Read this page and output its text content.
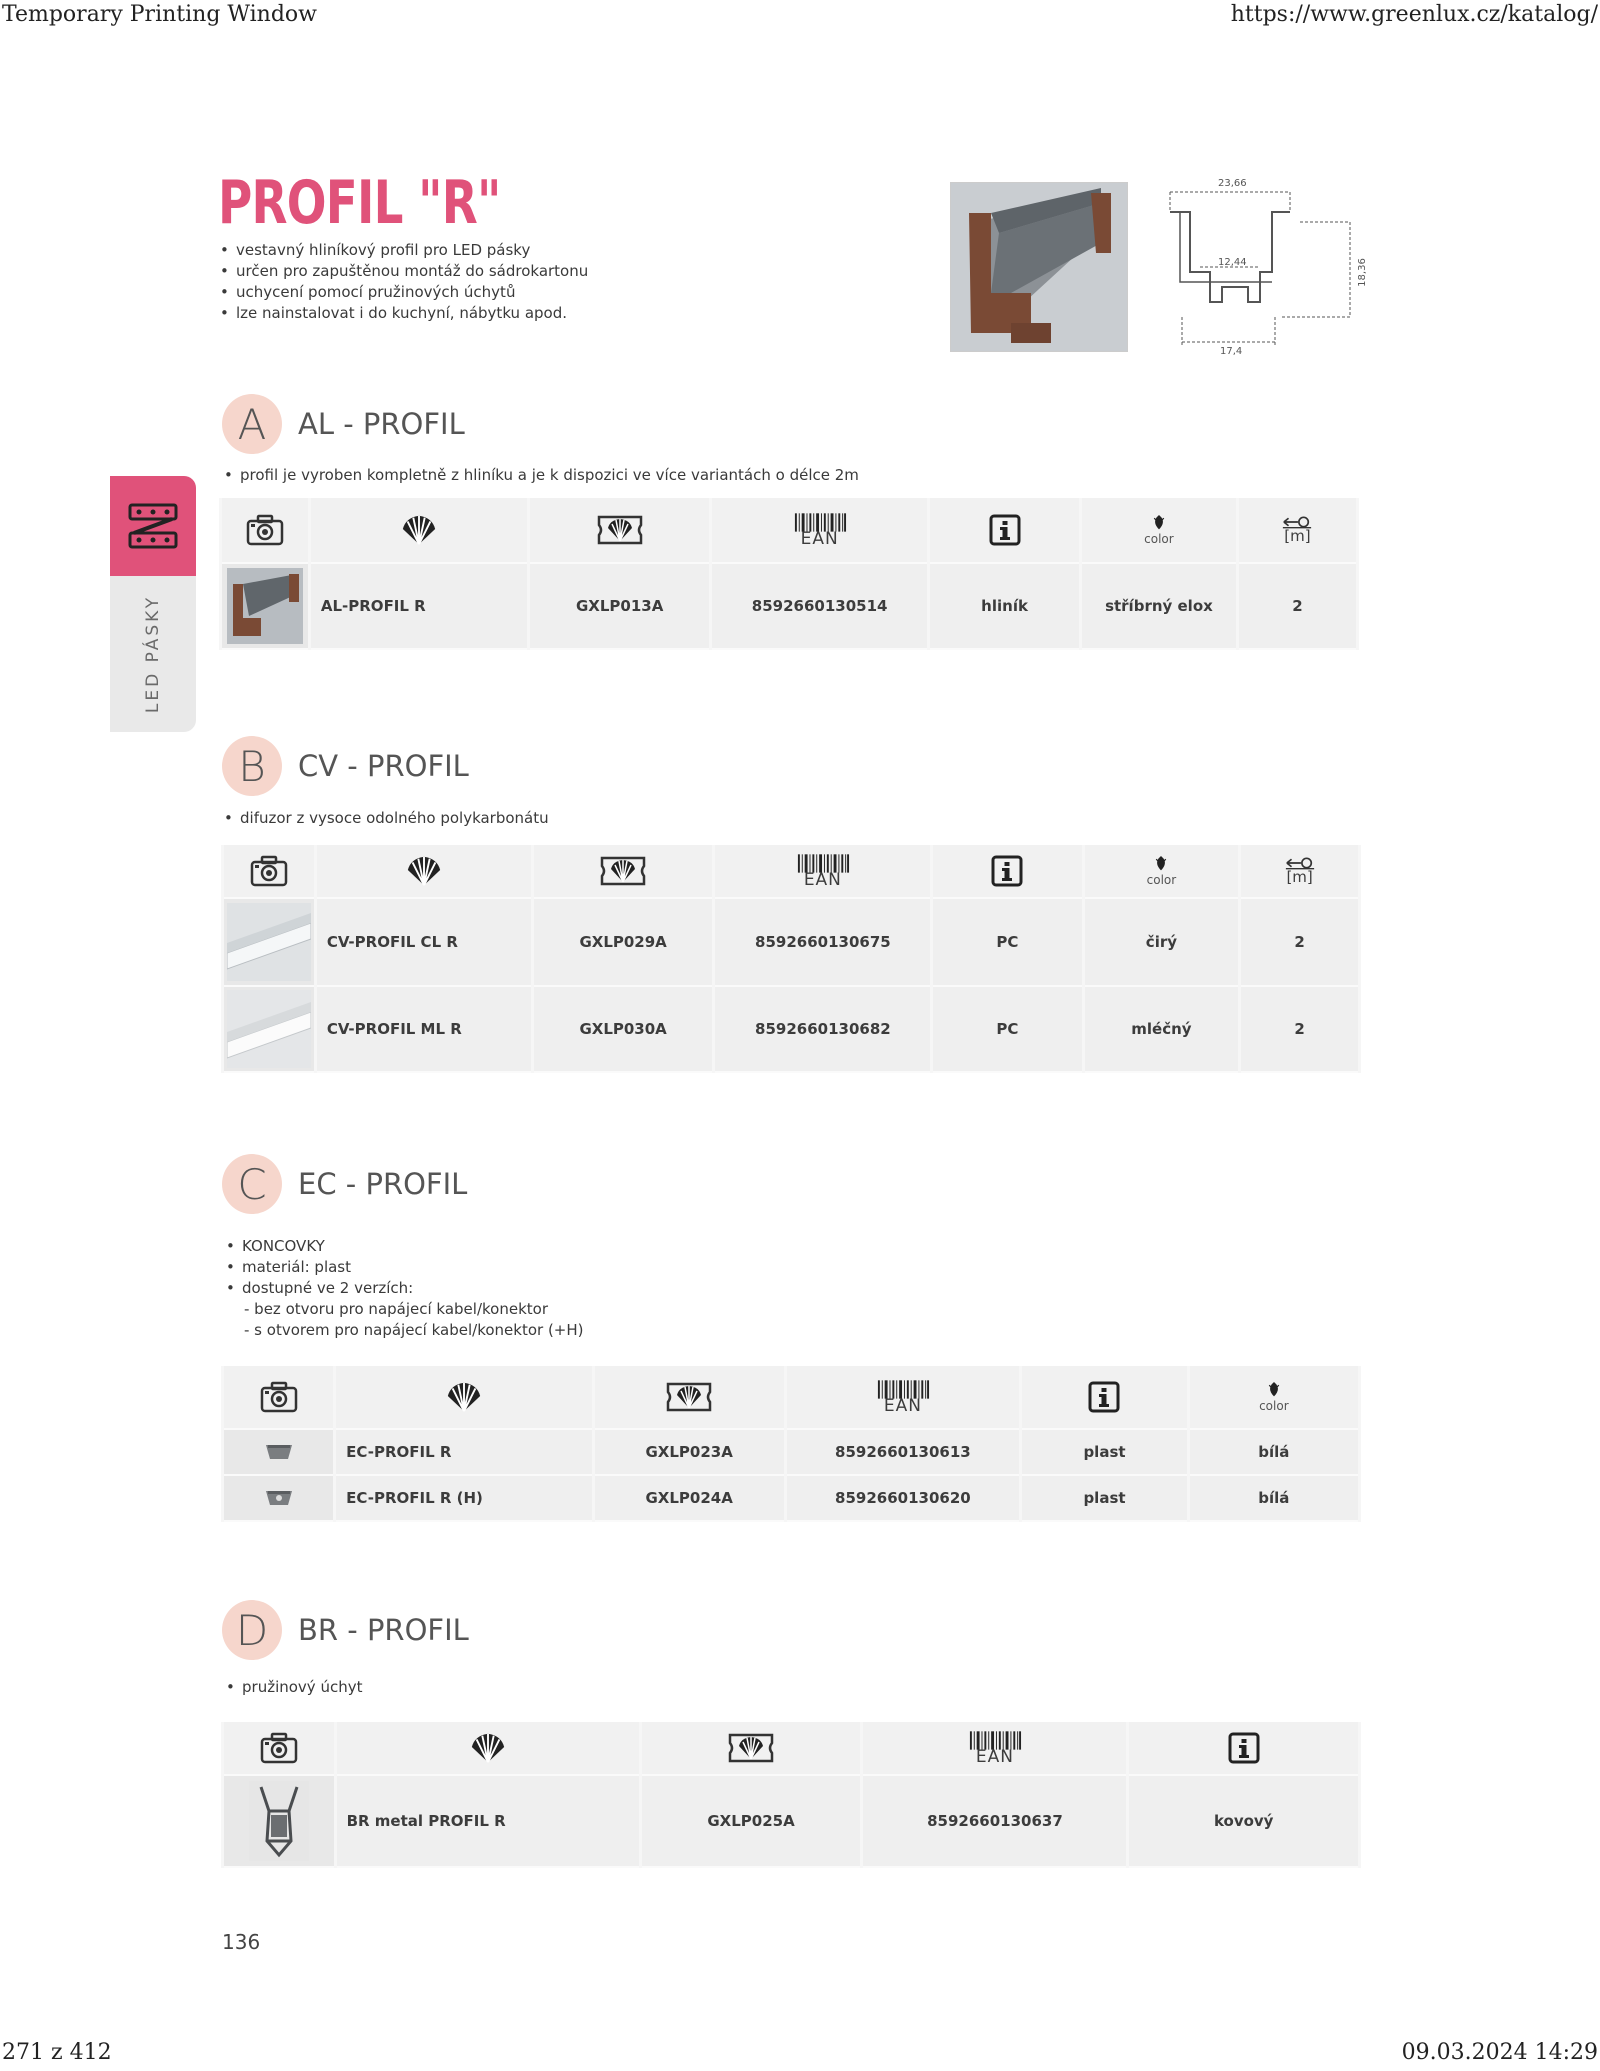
Temporary Printing Window	https://www.greenlux.cz/katalog/
271 z 412	09.03.2024 14:29
PROFIL "R"
• vestavný hliníkový profil pro LED pásky
• určen pro zapuštěnou montáž do sádrokartonu
• uchycení pomocí pružinových úchytů
• lze nainstalovat i do kuchyní, nábytku apod.
23,66
12,44	18,36
17,4
LED PÁSKY
A	AL - PROFIL
• profil je vyroben kompletně z hliníku a je k dispozici ve více variantách o délce 2m

EAN		color	[m]
	AL-PROFIL R	GXLP013A	8592660130514	hliník	stříbrný elox	2
B	CV - PROFIL
• difuzor z vysoce odolného polykarbonátu

EAN		color	[m]
	CV-PROFIL CL R	GXLP029A	8592660130675	PC	čirý	2
	CV-PROFIL ML R	GXLP030A	8592660130682	PC	mléčný	2
C	EC - PROFIL
• KONCOVKY
• materiál: plast
• dostupné ve 2 verzích:
- bez otvoru pro napájecí kabel/konektor
- s otvorem pro napájecí kabel/konektor (+H)

EAN		color
	EC-PROFIL R	GXLP023A	8592660130613	plast	bílá
	EC-PROFIL R (H)	GXLP024A	8592660130620	plast	bílá
D	BR - PROFIL
• pružinový úchyt

EAN	
	BR metal PROFIL R	GXLP025A	8592660130637	kovový
136
